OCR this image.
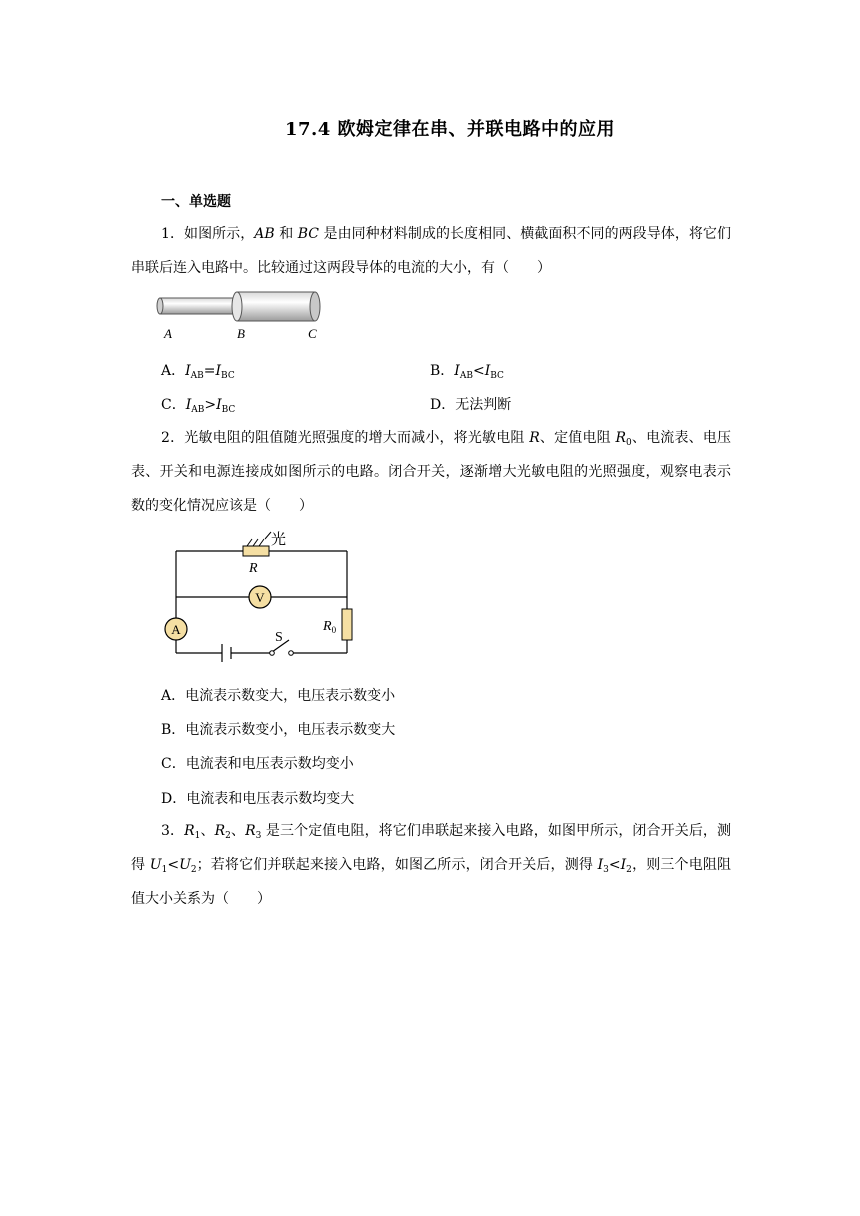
17.4 欧姆定律在串、并联电路中的应用
一、单选题
1．如图所示，AB 和 BC 是由同种材料制成的长度相同、横截面积不同的两段导体，将它们串联后连入电路中。比较通过这两段导体的电流的大小，有（　　）
A	B	C
A．$I_{AB}=I_{BC}$	B．$I_{AB}<I_{BC}$
C．$I_{AB}>I_{BC}$	D．无法判断
2．光敏电阻的阻值随光照强度的增大而减小，将光敏电阻 R、定值电阻 $R_0$、电流表、电压表、开关和电源连接成如图所示的电路。闭合开关，逐渐增大光敏电阻的光照强度，观察电表示数的变化情况应该是（　　）
光
R
V
A	$R_0$
S
A．电流表示数变大，电压表示数变小
B．电流表示数变小，电压表示数变大
C．电流表和电压表示数均变小
D．电流表和电压表示数均变大
3．$R_1$、$R_2$、$R_3$ 是三个定值电阻，将它们串联起来接入电路，如图甲所示，闭合开关后，测得 $U_1<U_2$；若将它们并联起来接入电路，如图乙所示，闭合开关后，测得 $I_3<I_2$，则三个电阻阻值大小关系为（　　）
